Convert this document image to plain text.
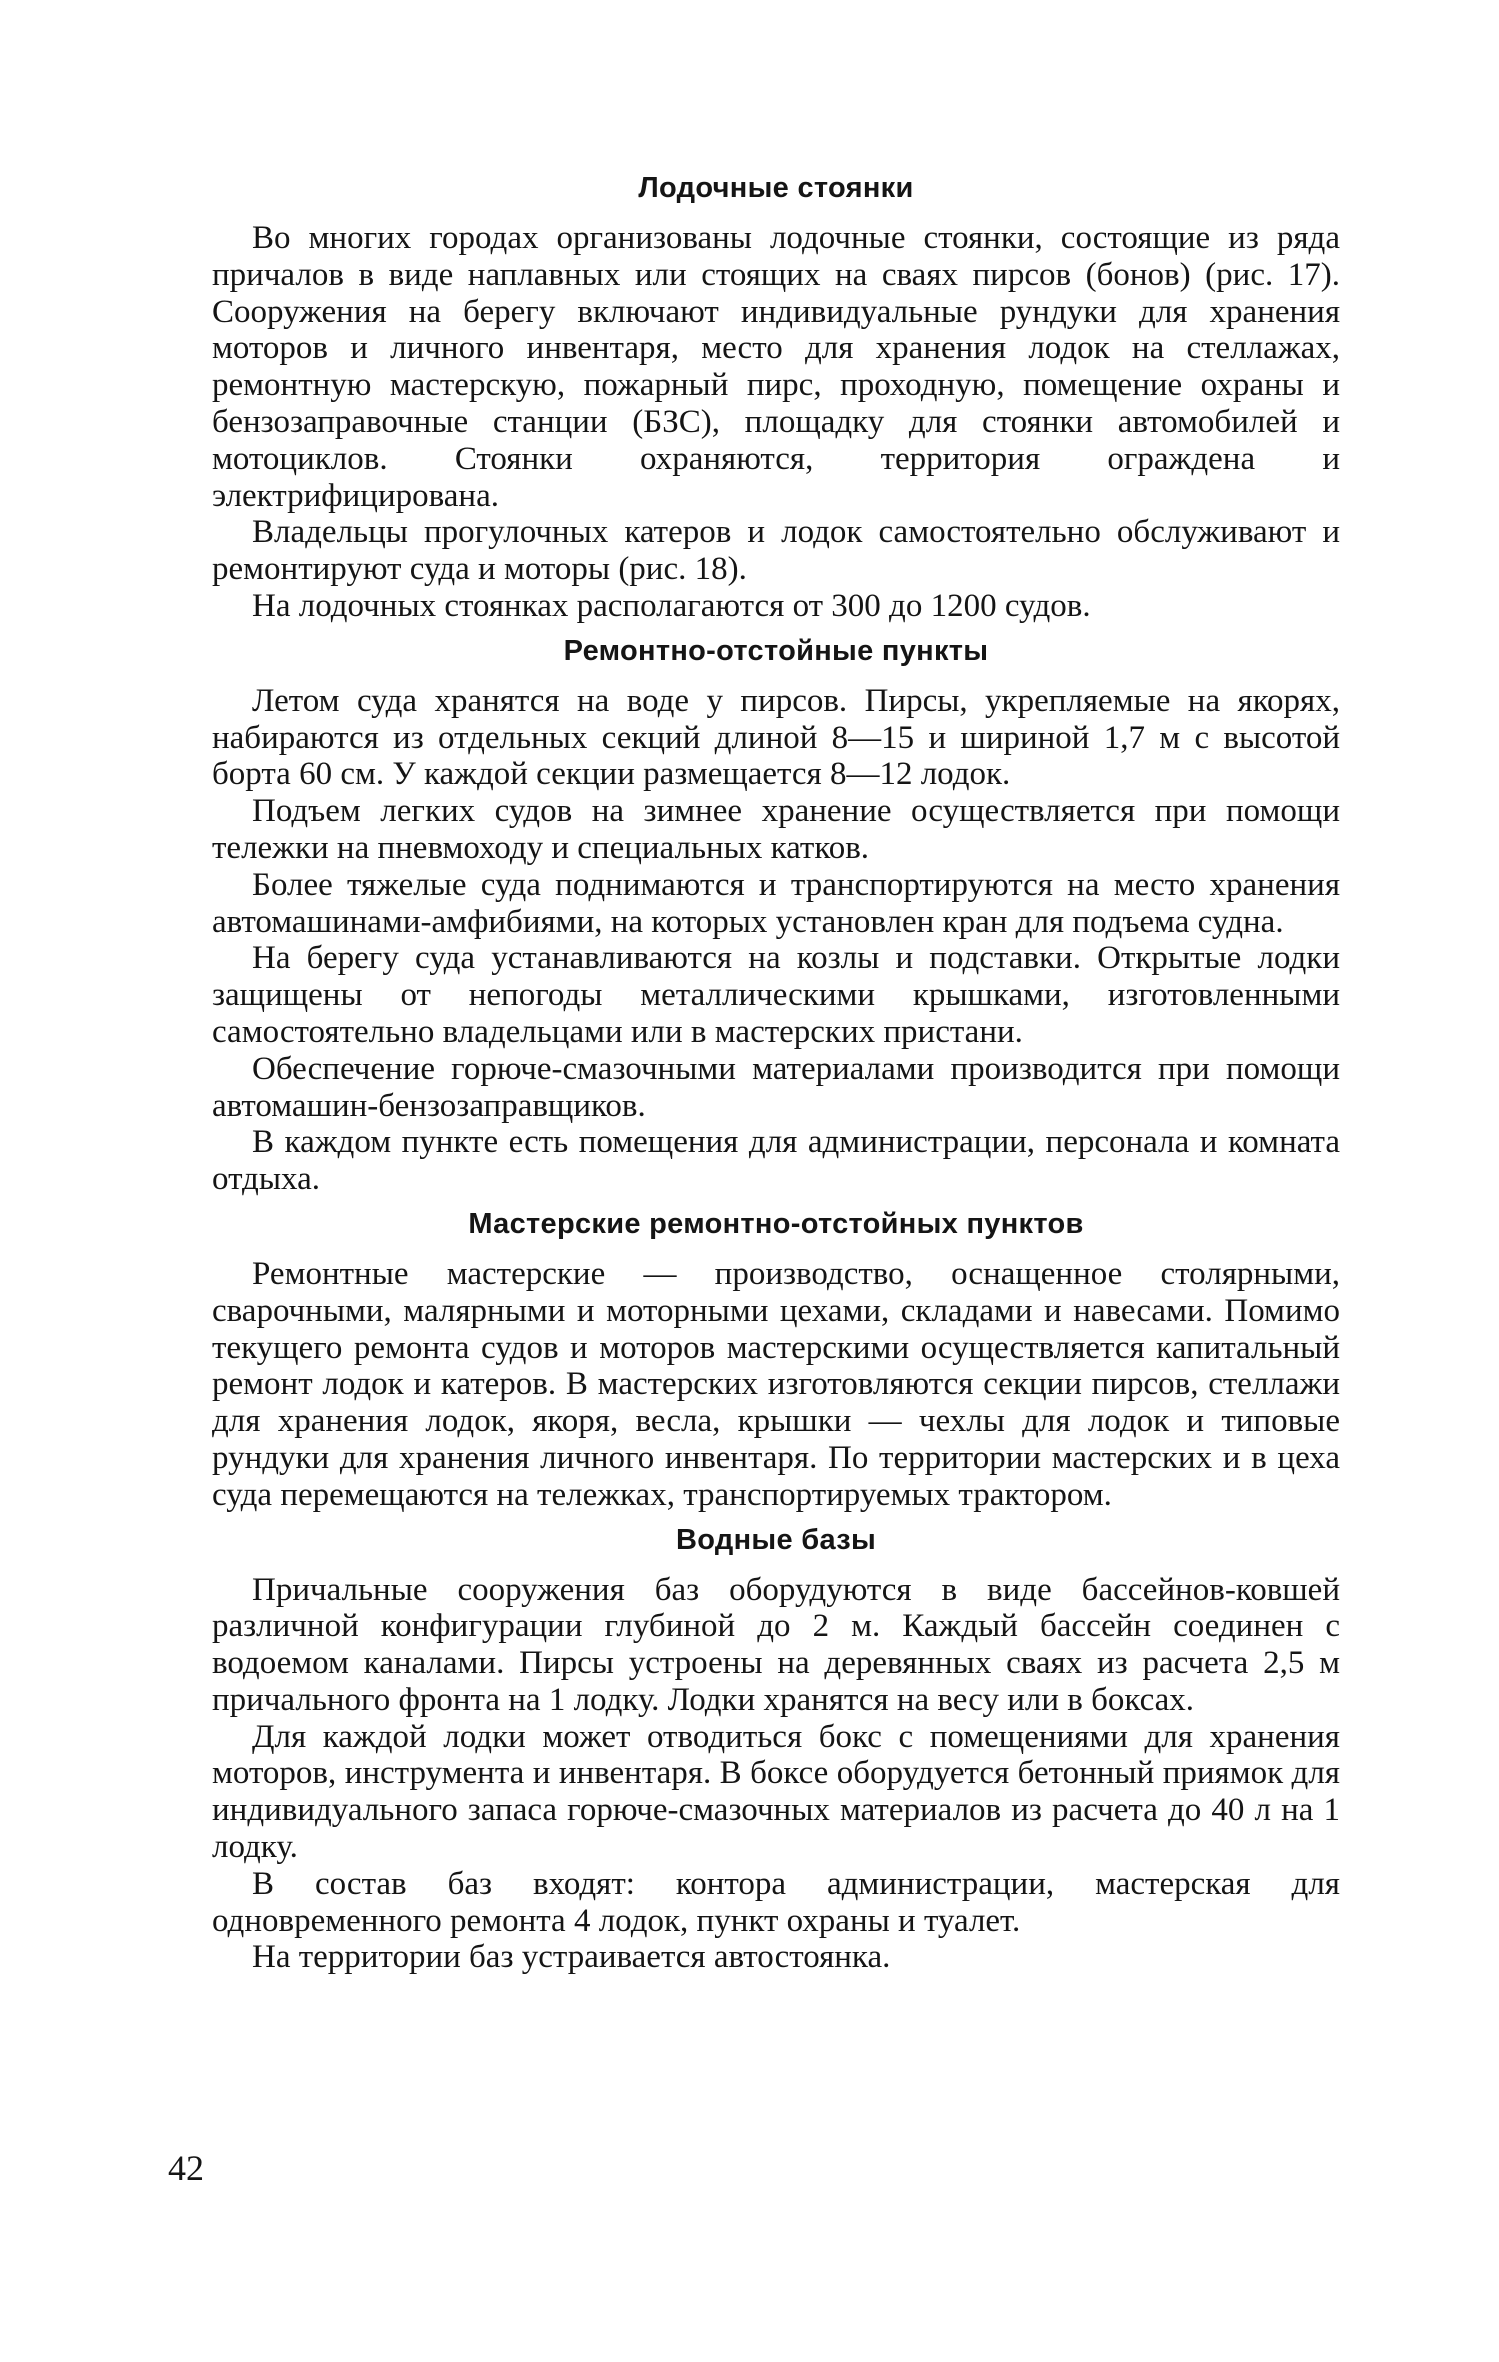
Лодочные стоянки

Во многих городах организованы лодочные стоянки, состоящие из ряда причалов в виде наплавных или стоящих на сваях пирсов (бонов) (рис. 17). Сооружения на берегу включают индивидуальные рундуки для хранения моторов и личного инвентаря, место для хранения лодок на стеллажах, ремонтную мастерскую, пожарный пирс, проходную, помещение охраны и бензозаправочные станции (БЗС), площадку для стоянки автомобилей и мотоциклов. Стоянки охраняются, территория ограждена и электрифицирована.

Владельцы прогулочных катеров и лодок самостоятельно обслуживают и ремонтируют суда и моторы (рис. 18).

На лодочных стоянках располагаются от 300 до 1200 судов.

Ремонтно-отстойные пункты

Летом суда хранятся на воде у пирсов. Пирсы, укрепляемые на якорях, набираются из отдельных секций длиной 8—15 и шириной 1,7 м с высотой борта 60 см. У каждой секции размещается 8—12 лодок.

Подъем легких судов на зимнее хранение осуществляется при помощи тележки на пневмоходу и специальных катков.

Более тяжелые суда поднимаются и транспортируются на место хранения автомашинами-амфибиями, на которых установлен кран для подъема судна.

На берегу суда устанавливаются на козлы и подставки. Открытые лодки защищены от непогоды металлическими крышками, изготовленными самостоятельно владельцами или в мастерских пристани.

Обеспечение горюче-смазочными материалами производится при помощи автомашин-бензозаправщиков.

В каждом пункте есть помещения для администрации, персонала и комната отдыха.

Мастерские ремонтно-отстойных пунктов

Ремонтные мастерские — производство, оснащенное столярными, сварочными, малярными и моторными цехами, складами и навесами. Помимо текущего ремонта судов и моторов мастерскими осуществляется капитальный ремонт лодок и катеров. В мастерских изготовляются секции пирсов, стеллажи для хранения лодок, якоря, весла, крышки — чехлы для лодок и типовые рундуки для хранения личного инвентаря. По территории мастерских и в цеха суда перемещаются на тележках, транспортируемых трактором.

Водные базы

Причальные сооружения баз оборудуются в виде бассейнов-ковшей различной конфигурации глубиной до 2 м. Каждый бассейн соединен с водоемом каналами. Пирсы устроены на деревянных сваях из расчета 2,5 м причального фронта на 1 лодку. Лодки хранятся на весу или в боксах.

Для каждой лодки может отводиться бокс с помещениями для хранения моторов, инструмента и инвентаря. В боксе оборудуется бетонный приямок для индивидуального запаса горюче-смазочных материалов из расчета до 40 л на 1 лодку.

В состав баз входят: контора администрации, мастерская для одновременного ремонта 4 лодок, пункт охраны и туалет.

На территории баз устраивается автостоянка.

42
